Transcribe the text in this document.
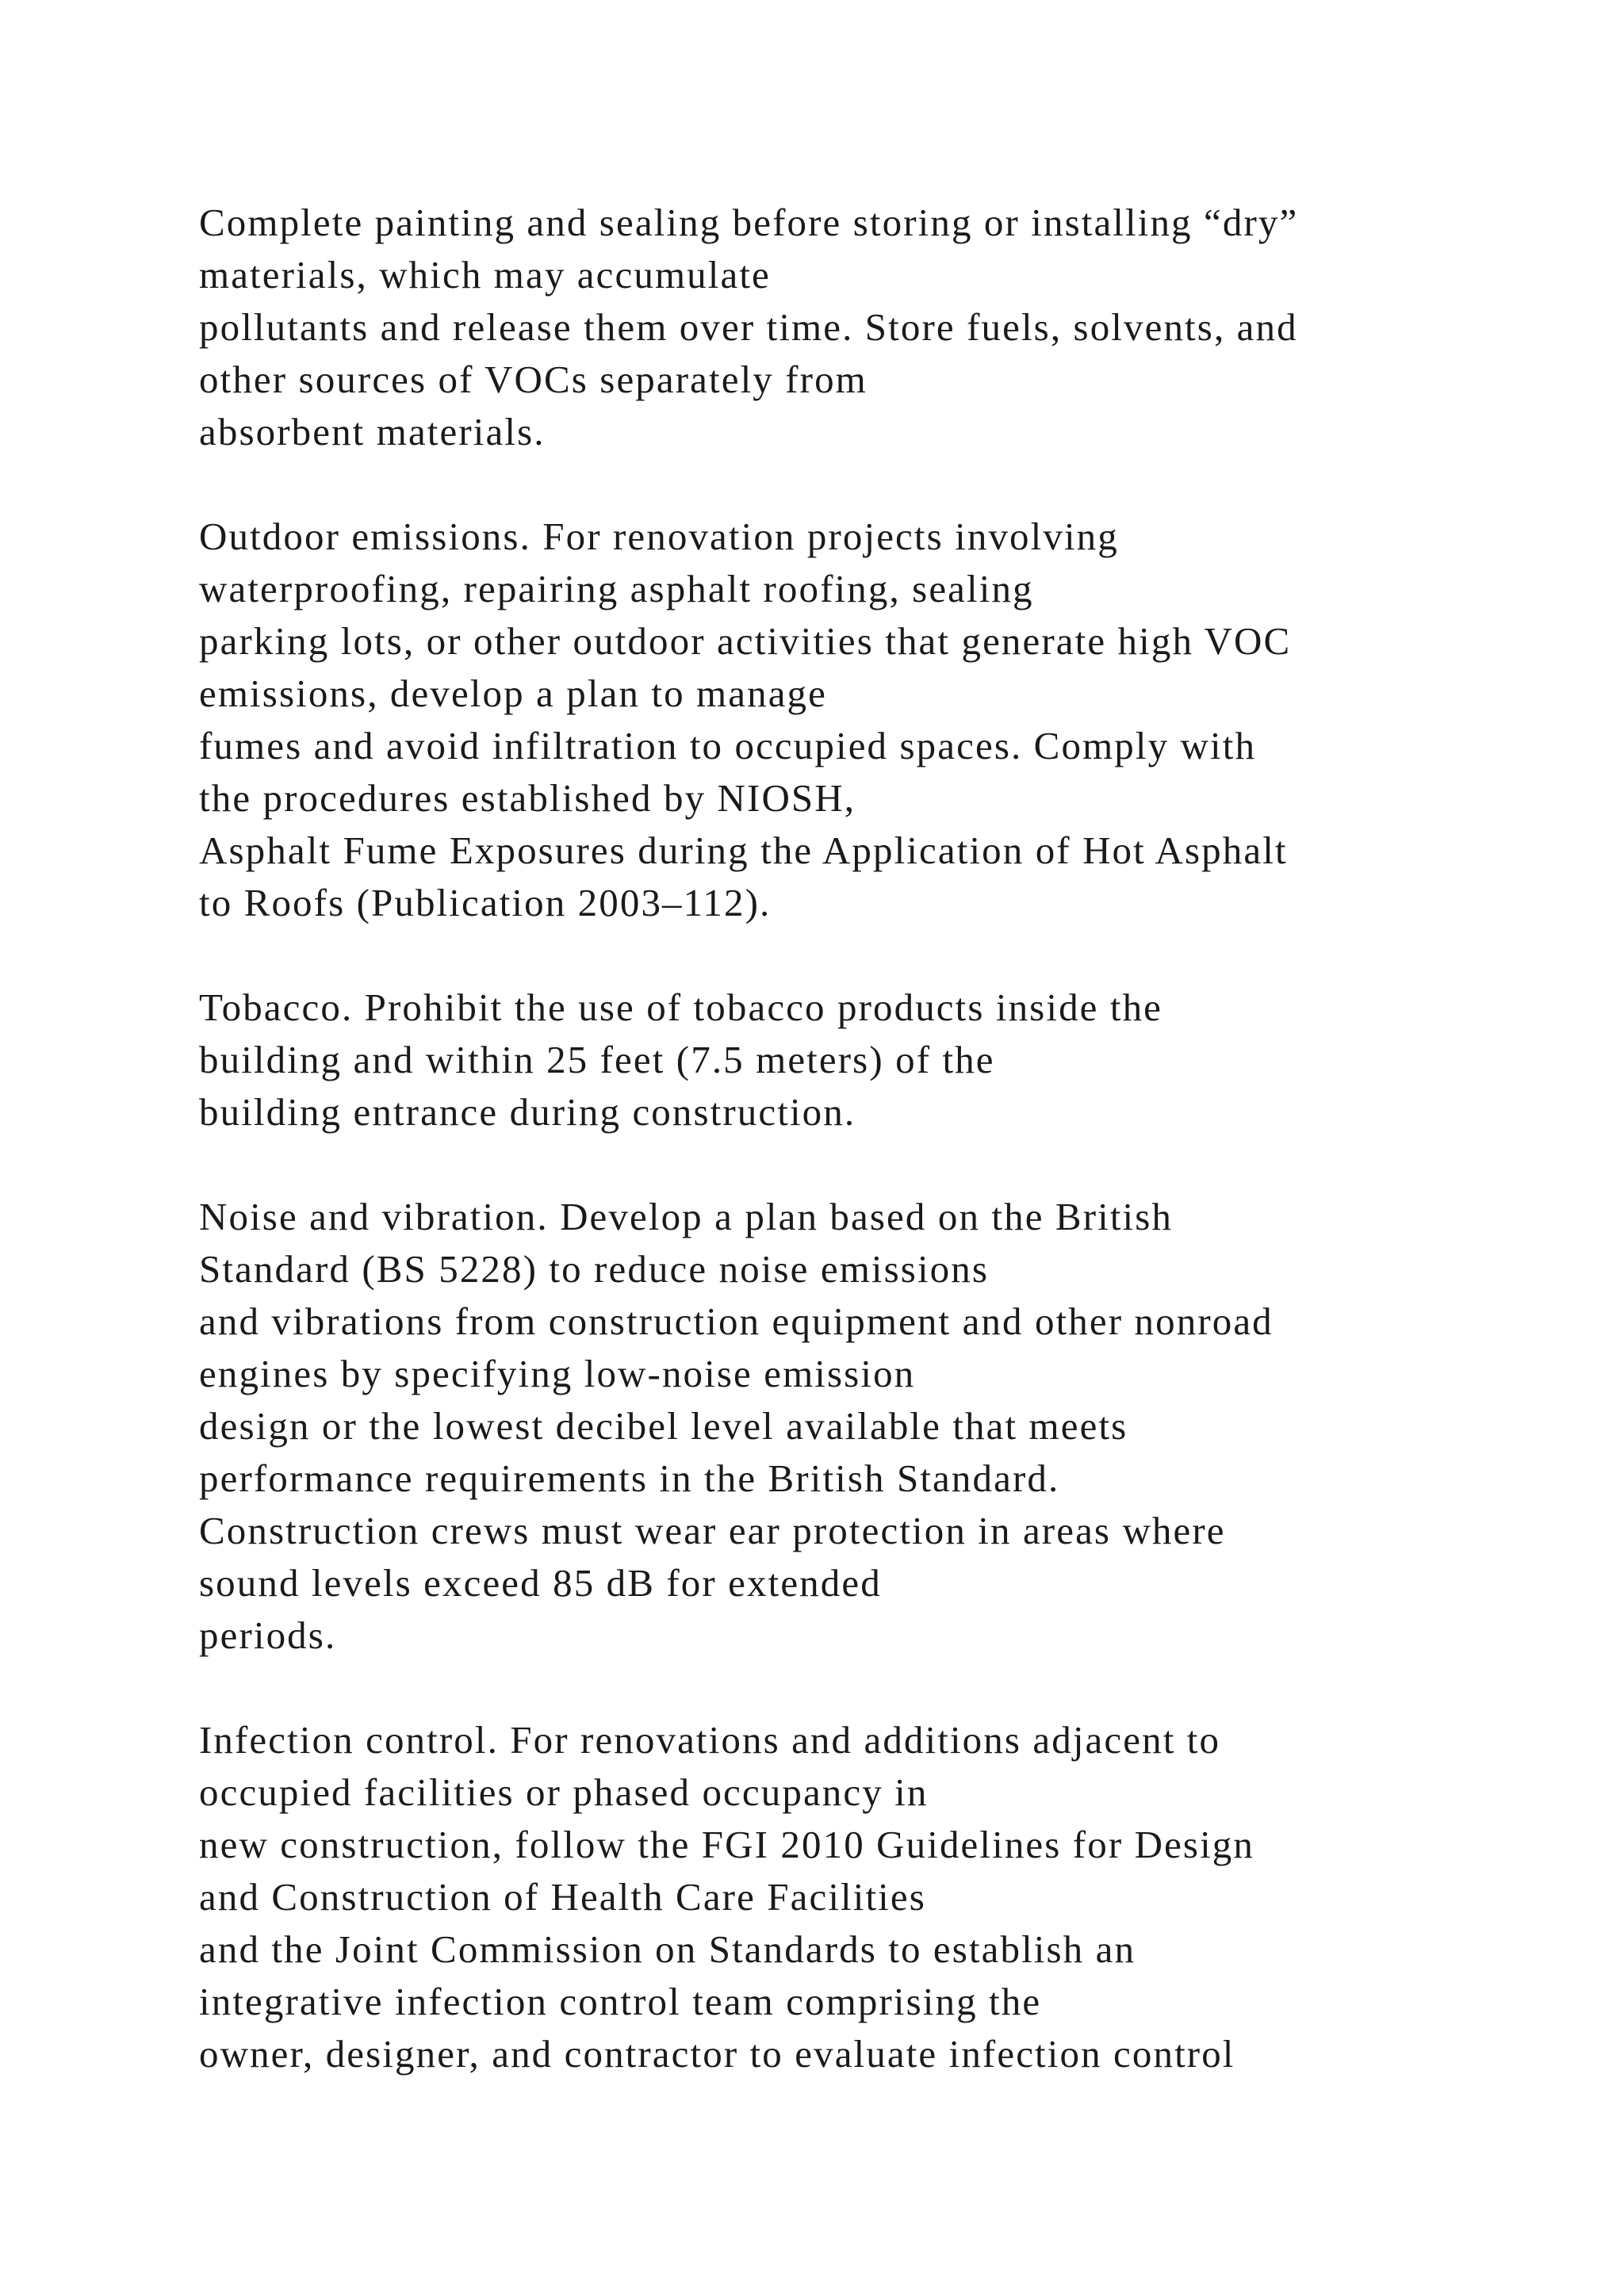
Complete painting and sealing before storing or installing “dry”
materials, which may accumulate
pollutants and release them over time. Store fuels, solvents, and
other sources of VOCs separately from
absorbent materials.

Outdoor emissions. For renovation projects involving
waterproofing, repairing asphalt roofing, sealing
parking lots, or other outdoor activities that generate high VOC
emissions, develop a plan to manage
fumes and avoid infiltration to occupied spaces. Comply with
the procedures established by NIOSH,
Asphalt Fume Exposures during the Application of Hot Asphalt
to Roofs (Publication 2003–112).

Tobacco. Prohibit the use of tobacco products inside the
building and within 25 feet (7.5 meters) of the
building entrance during construction.

Noise and vibration. Develop a plan based on the British
Standard (BS 5228) to reduce noise emissions
and vibrations from construction equipment and other nonroad
engines by specifying low-noise emission
design or the lowest decibel level available that meets
performance requirements in the British Standard.
Construction crews must wear ear protection in areas where
sound levels exceed 85 dB for extended
periods.

Infection control. For renovations and additions adjacent to
occupied facilities or phased occupancy in
new construction, follow the FGI 2010 Guidelines for Design
and Construction of Health Care Facilities
and the Joint Commission on Standards to establish an
integrative infection control team comprising the
owner, designer, and contractor to evaluate infection control
